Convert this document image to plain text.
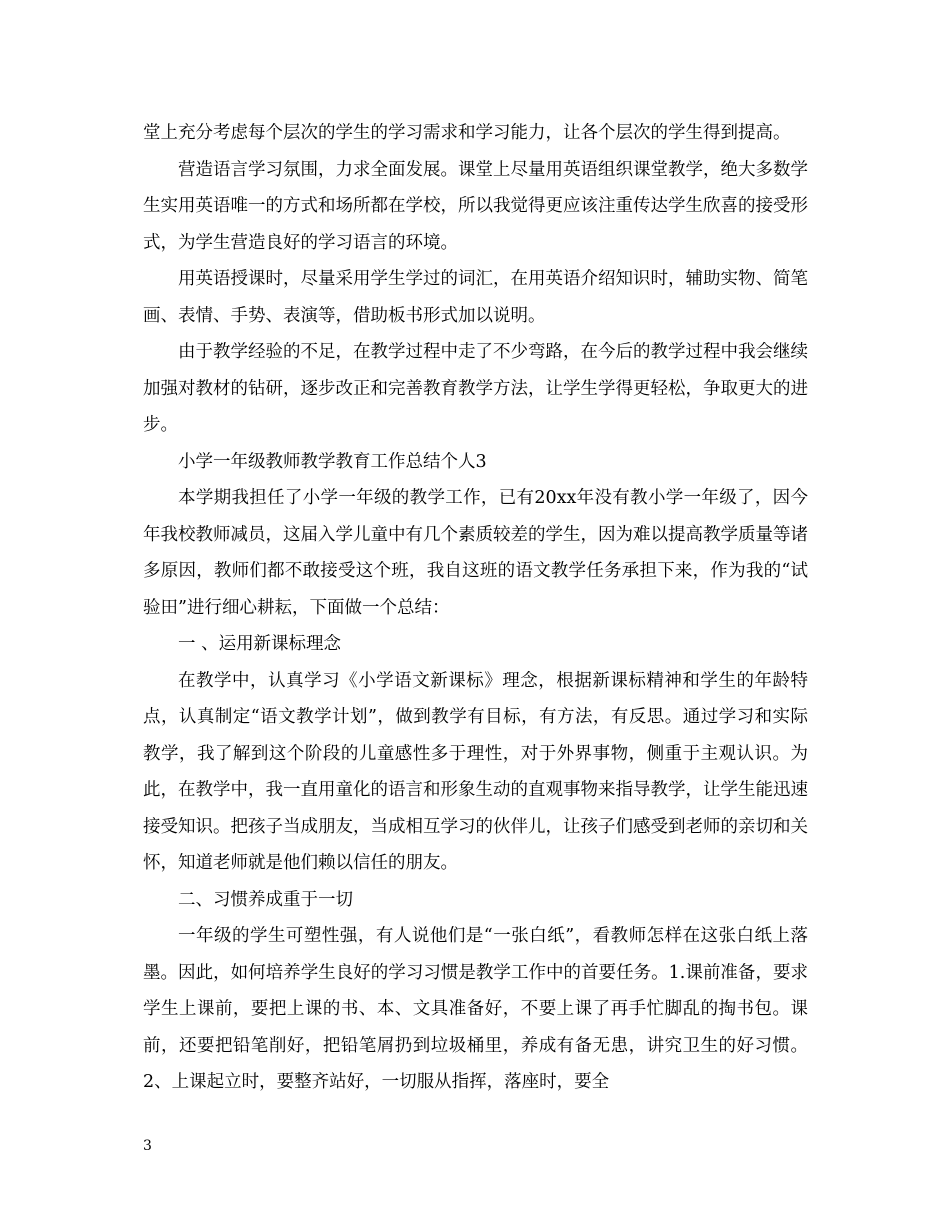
堂上充分考虑每个层次的学生的学习需求和学习能力，让各个层次的学生得到提高。

营造语言学习氛围，力求全面发展。课堂上尽量用英语组织课堂教学，绝大多数学生实用英语唯一的方式和场所都在学校，所以我觉得更应该注重传达学生欣喜的接受形式，为学生营造良好的学习语言的环境。

用英语授课时，尽量采用学生学过的词汇，在用英语介绍知识时，辅助实物、简笔画、表情、手势、表演等，借助板书形式加以说明。

由于教学经验的不足，在教学过程中走了不少弯路，在今后的教学过程中我会继续加强对教材的钻研，逐步改正和完善教育教学方法，让学生学得更轻松，争取更大的进步。

小学一年级教师教学教育工作总结个人3

本学期我担任了小学一年级的教学工作，已有20xx年没有教小学一年级了，因今年我校教师减员，这届入学儿童中有几个素质较差的学生，因为难以提高教学质量等诸多原因，教师们都不敢接受这个班，我自这班的语文教学任务承担下来，作为我的“试验田”进行细心耕耘，下面做一个总结：

一 、运用新课标理念

在教学中，认真学习《小学语文新课标》理念，根据新课标精神和学生的年龄特点，认真制定“语文教学计划”，做到教学有目标，有方法，有反思。通过学习和实际教学，我了解到这个阶段的儿童感性多于理性，对于外界事物，侧重于主观认识。为此，在教学中，我一直用童化的语言和形象生动的直观事物来指导教学，让学生能迅速接受知识。把孩子当成朋友，当成相互学习的伙伴儿，让孩子们感受到老师的亲切和关怀，知道老师就是他们赖以信任的朋友。

二、习惯养成重于一切

一年级的学生可塑性强，有人说他们是“一张白纸”，看教师怎样在这张白纸上落墨。因此，如何培养学生良好的学习习惯是教学工作中的首要任务。1.课前准备，要求学生上课前，要把上课的书、本、文具准备好，不要上课了再手忙脚乱的掏书包。课前，还要把铅笔削好，把铅笔屑扔到垃圾桶里，养成有备无患，讲究卫生的好习惯。2、上课起立时，要整齐站好，一切服从指挥，落座时，要全

3
